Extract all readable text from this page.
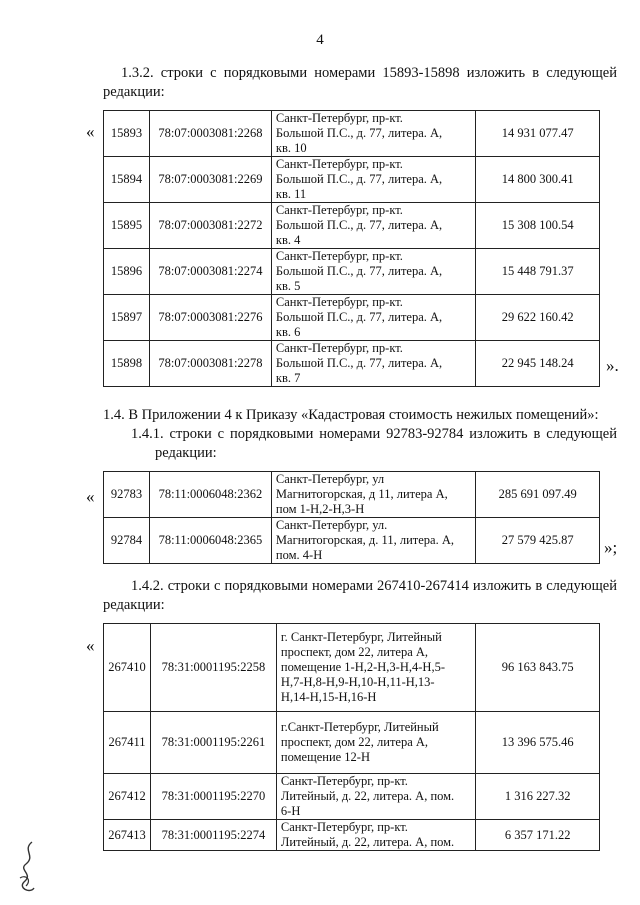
4
1.3.2. строки с порядковыми номерами 15893-15898 изложить в следующей
редакции:
« 15893	78:07:0003081:2268	Санкт-Петербург, пр-кт.
Большой П.С., д. 77, литера. А,
кв. 10	14 931 077.47
15894	78:07:0003081:2269	Санкт-Петербург, пр-кт.
Большой П.С., д. 77, литера. А,
кв. 11	14 800 300.41
15895	78:07:0003081:2272	Санкт-Петербург, пр-кт.
Большой П.С., д. 77, литера. А,
кв. 4	15 308 100.54
15896	78:07:0003081:2274	Санкт-Петербург, пр-кт.
Большой П.С., д. 77, литера. А,
кв. 5	15 448 791.37
15897	78:07:0003081:2276	Санкт-Петербург, пр-кт.
Большой П.С., д. 77, литера. А,
кв. 6	29 622 160.42
15898	78:07:0003081:2278	Санкт-Петербург, пр-кт.
Большой П.С., д. 77, литера. А,
кв. 7	22 945 148.24 ».
1.4. В Приложении 4 к Приказу «Кадастровая стоимость нежилых помещений»:
1.4.1. строки с порядковыми номерами 92783-92784 изложить в следующей
редакции:
« 92783	78:11:0006048:2362	Санкт-Петербург, ул
Магнитогорская, д 11, литера А,
пом 1-Н,2-Н,3-Н	285 691 097.49
92784	78:11:0006048:2365	Санкт-Петербург, ул.
Магнитогорская, д. 11, литера. А,
пом. 4-Н	27 579 425.87 »;
1.4.2. строки с порядковыми номерами 267410-267414 изложить в следующей
редакции:
«
267410	78:31:0001195:2258	г. Санкт-Петербург, Литейный
проспект, дом 22, литера А,
помещение 1-Н,2-Н,3-Н,4-Н,5-
Н,7-Н,8-Н,9-Н,10-Н,11-Н,13-
Н,14-Н,15-Н,16-Н	96 163 843.75
267411	78:31:0001195:2261	г.Санкт-Петербург, Литейный
проспект, дом 22, литера А,
помещение 12-Н	13 396 575.46
267412	78:31:0001195:2270	Санкт-Петербург, пр-кт.
Литейный, д. 22, литера. А, пом.
6-Н	1 316 227.32
267413	78:31:0001195:2274	Санкт-Петербург, пр-кт.
Литейный, д. 22, литера. А, пом.	6 357 171.22
